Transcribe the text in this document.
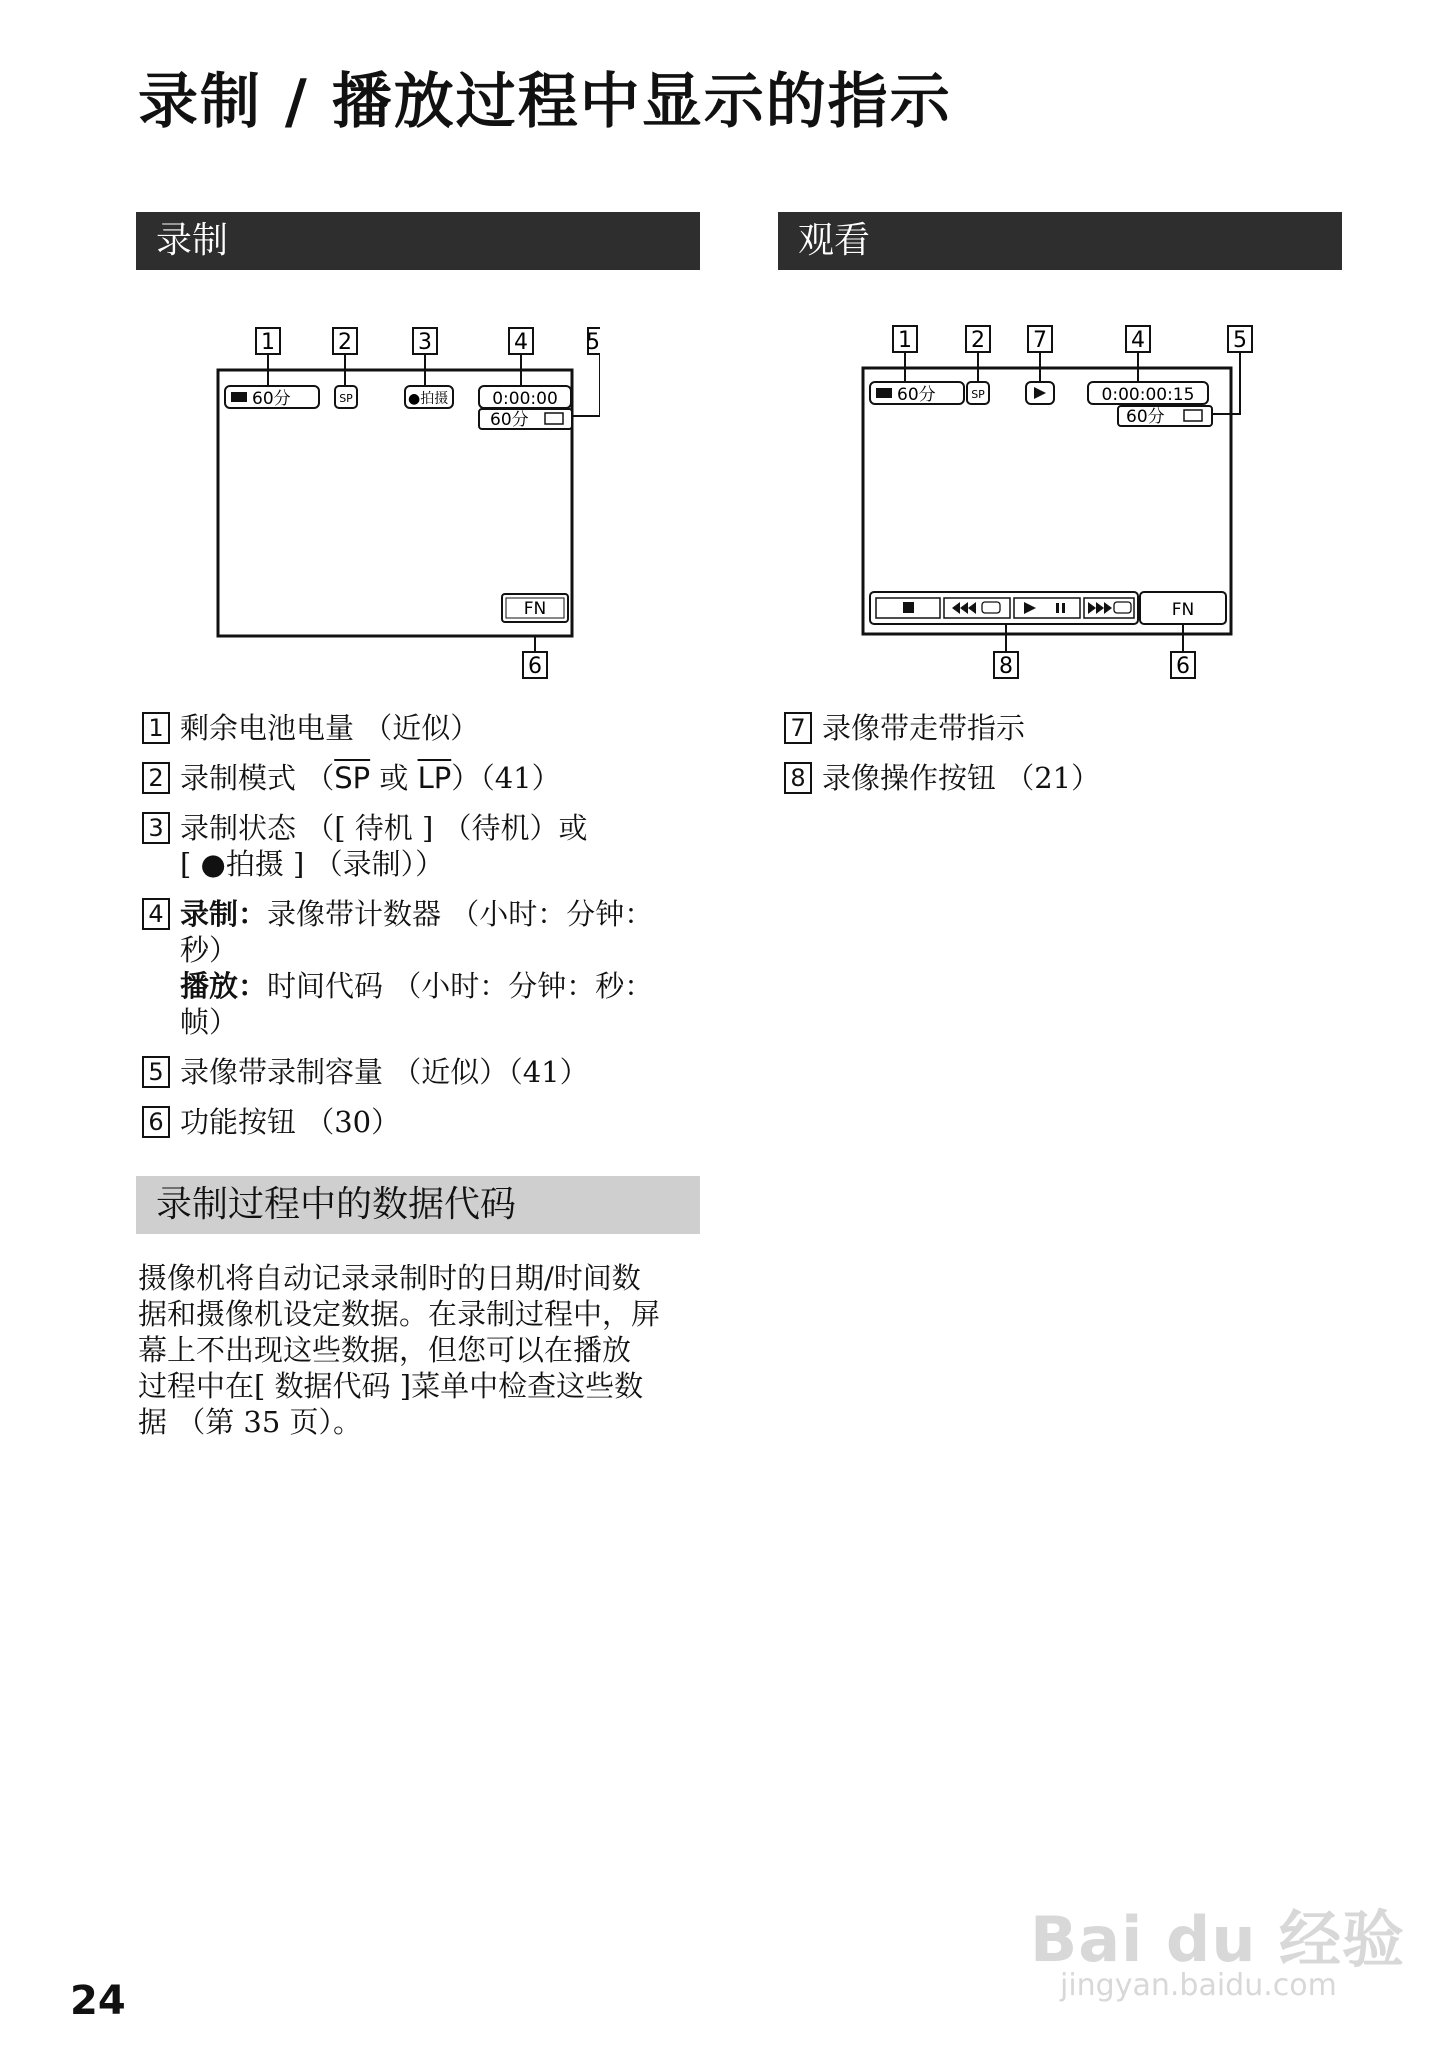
录制 / 播放过程中显示的指示
录制	观看
1	2	3	4	5
60分	SP	●拍摄	0:00:00
60分
FN
6
1	2 7	4	5
60分	SP	0:00:00:15
60分
FN
8	6
1 剩余电池电量 （近似）
2 录制模式 （$\overline{SP}$ 或 $\overline{LP})(41)$
3 录制状态 （[ 待机 ] （待机）或
[ ●拍摄 ] （录制））
4 录制：录像带计数器 （小时：分钟：
秒）
播放：时间代码 （小时：分钟：秒：
帧）
5 录像带录制容量 （近似）（41）
6 功能按钮 （30）
7 录像带走带指示
8 录像操作按钮 （21）
录制过程中的数据代码
摄像机将自动记录录制时的日期/时间数
据和摄像机设定数据。在录制过程中，屏
幕上不出现这些数据，但您可以在播放
过程中在[ 数据代码 ]菜单中检查这些数
据 （第 35 页）。
24
Bai du 经验
jingyan.baidu.com
